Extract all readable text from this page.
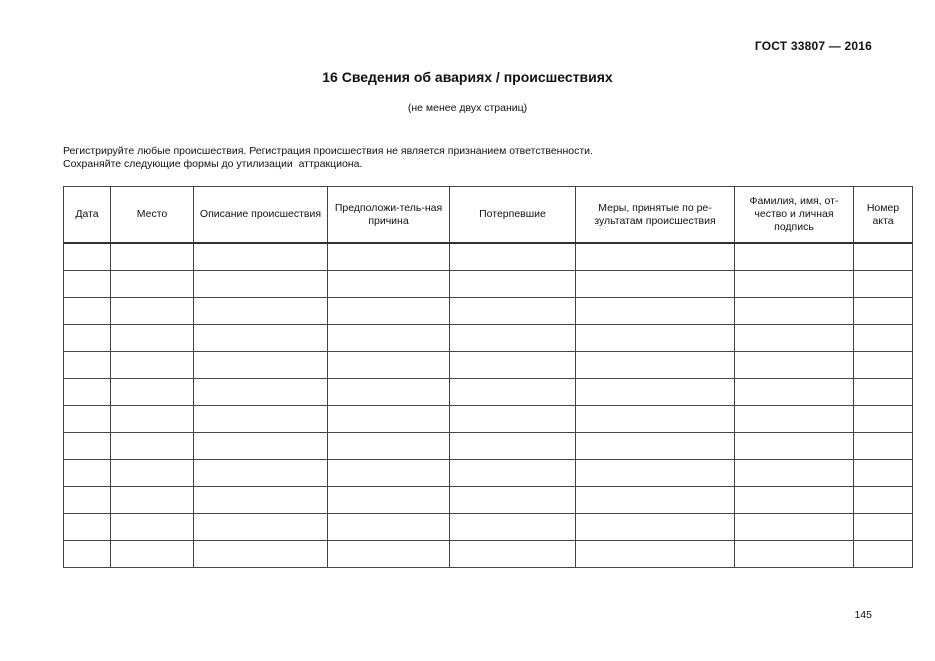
ГОСТ 33807 — 2016
16 Сведения об авариях / происшествиях
(не менее двух страниц)
Регистрируйте любые происшествия. Регистрация происшествия не является признанием ответственности.
Сохраняйте следующие формы до утилизации  аттракциона.
Дата	Место	Описание происшествия	Предположи-тель-ная причина	Потерпевшие	Меры, принятые по ре-зультатам происшествия	Фамилия, имя, от-чество и личная подпись	Номер акта

145
